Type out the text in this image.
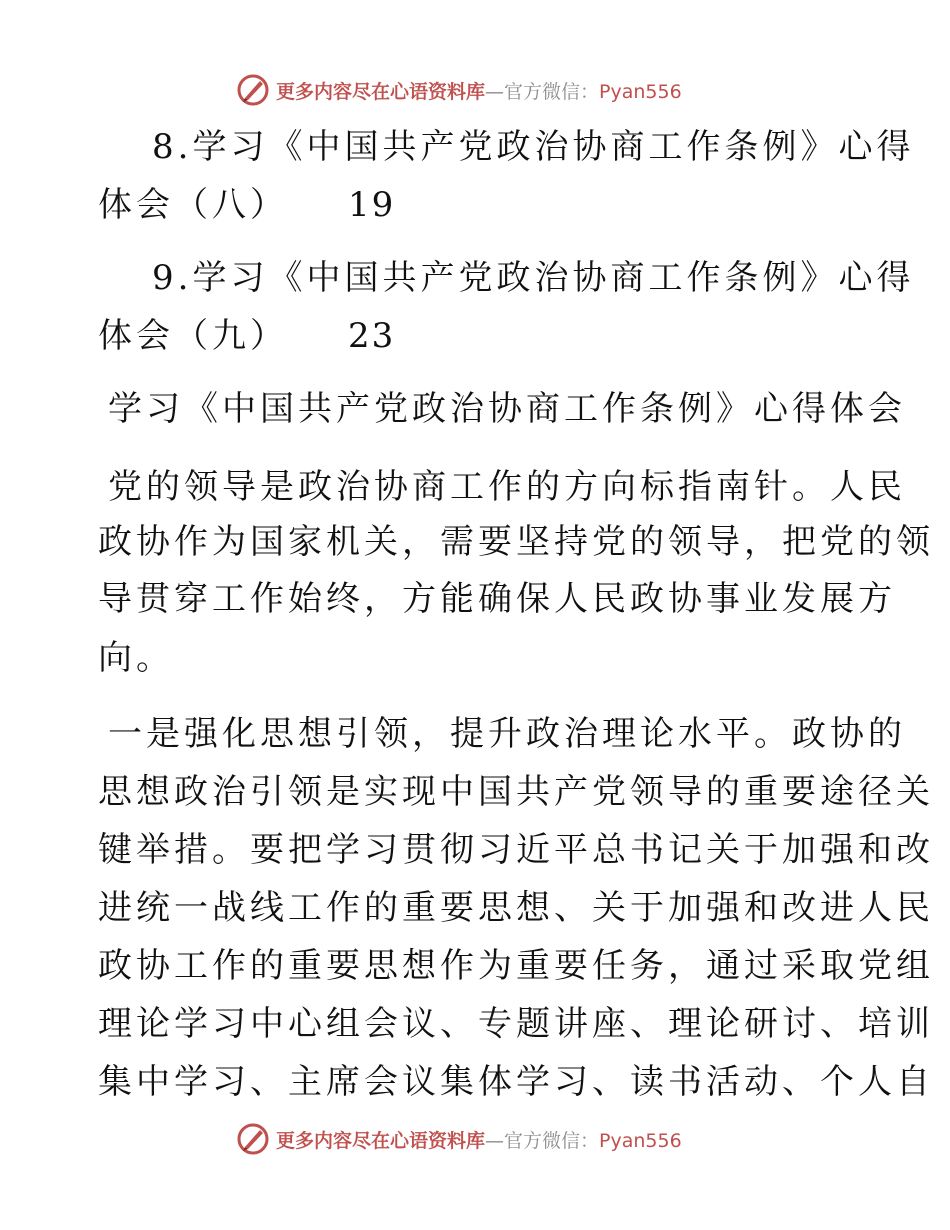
更多内容尽在心语资料库—官方微信：Pyan556
8.学习《中国共产党政治协商工作条例》心得
体会（八） 19
9.学习《中国共产党政治协商工作条例》心得
体会（九） 23
学习《中国共产党政治协商工作条例》心得体会
党的领导是政治协商工作的方向标指南针。人民
政协作为国家机关，需要坚持党的领导，把党的领
导贯穿工作始终，方能确保人民政协事业发展方
向。
一是强化思想引领，提升政治理论水平。政协的
思想政治引领是实现中国共产党领导的重要途径关
键举措。要把学习贯彻习近平总书记关于加强和改
进统一战线工作的重要思想、关于加强和改进人民
政协工作的重要思想作为重要任务，通过采取党组
理论学习中心组会议、专题讲座、理论研讨、培训
集中学习、主席会议集体学习、读书活动、个人自
更多内容尽在心语资料库—官方微信：Pyan556
